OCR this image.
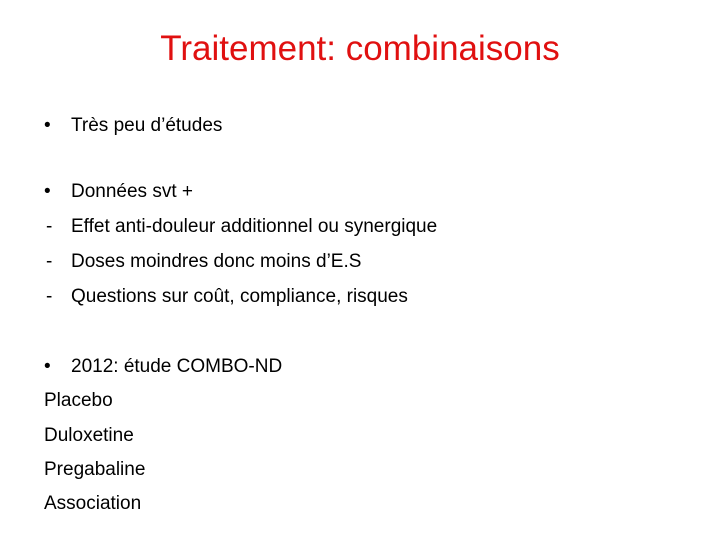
Traitement: combinaisons
• Très peu d’études
• Données svt +
- Effet anti-douleur additionnel ou synergique
- Doses moindres donc moins d’E.S
- Questions sur coût, compliance, risques
• 2012: étude COMBO-ND
Placebo
Duloxetine
Pregabaline
Association
